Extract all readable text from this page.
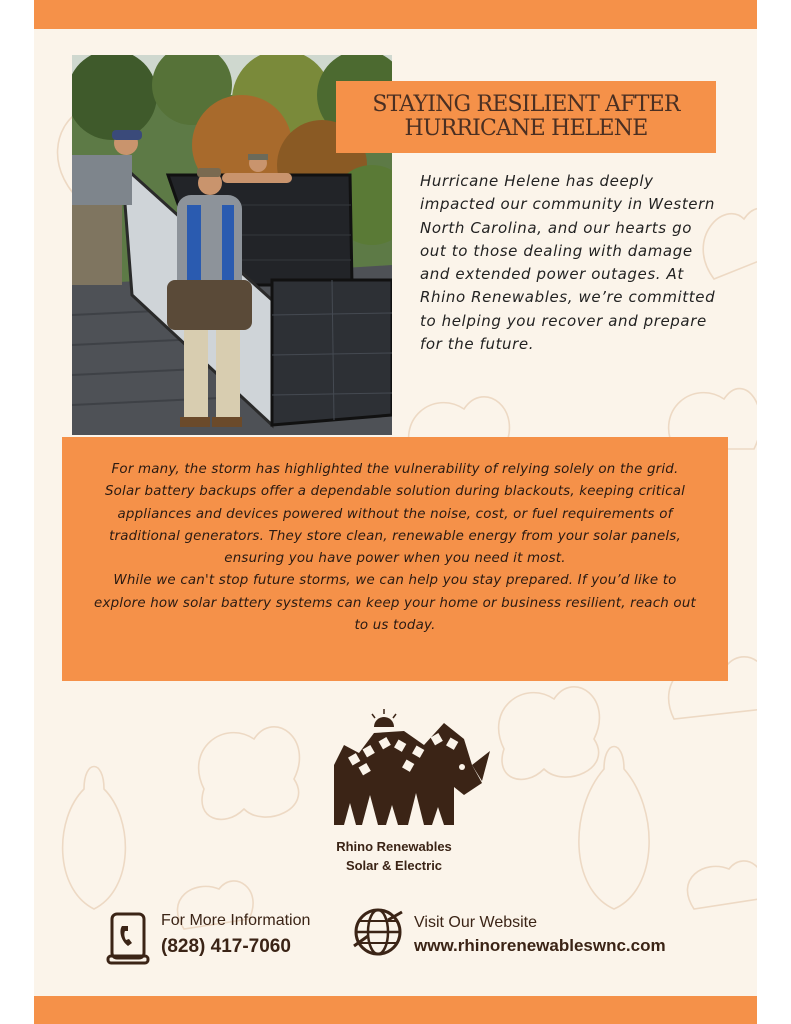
STAYING RESILIENT AFTER
HURRICANE HELENE
Hurricane Helene has deeply impacted our community in Western North Carolina, and our hearts go out to those dealing with damage and extended power outages. At Rhino Renewables, we’re committed to helping you recover and prepare for the future.
For many, the storm has highlighted the vulnerability of relying solely on the grid. Solar battery backups offer a dependable solution during blackouts, keeping critical appliances and devices powered without the noise, cost, or fuel requirements of traditional generators. They store clean, renewable energy from your solar panels, ensuring you have power when you need it most.
While we can't stop future storms, we can help you stay prepared. If you’d like to explore how solar battery systems can keep your home or business resilient, reach out to us today.
Rhino Renewables
Solar & Electric
For More Information
(828) 417-7060
Visit Our Website
www.rhinorenewableswnc.com
